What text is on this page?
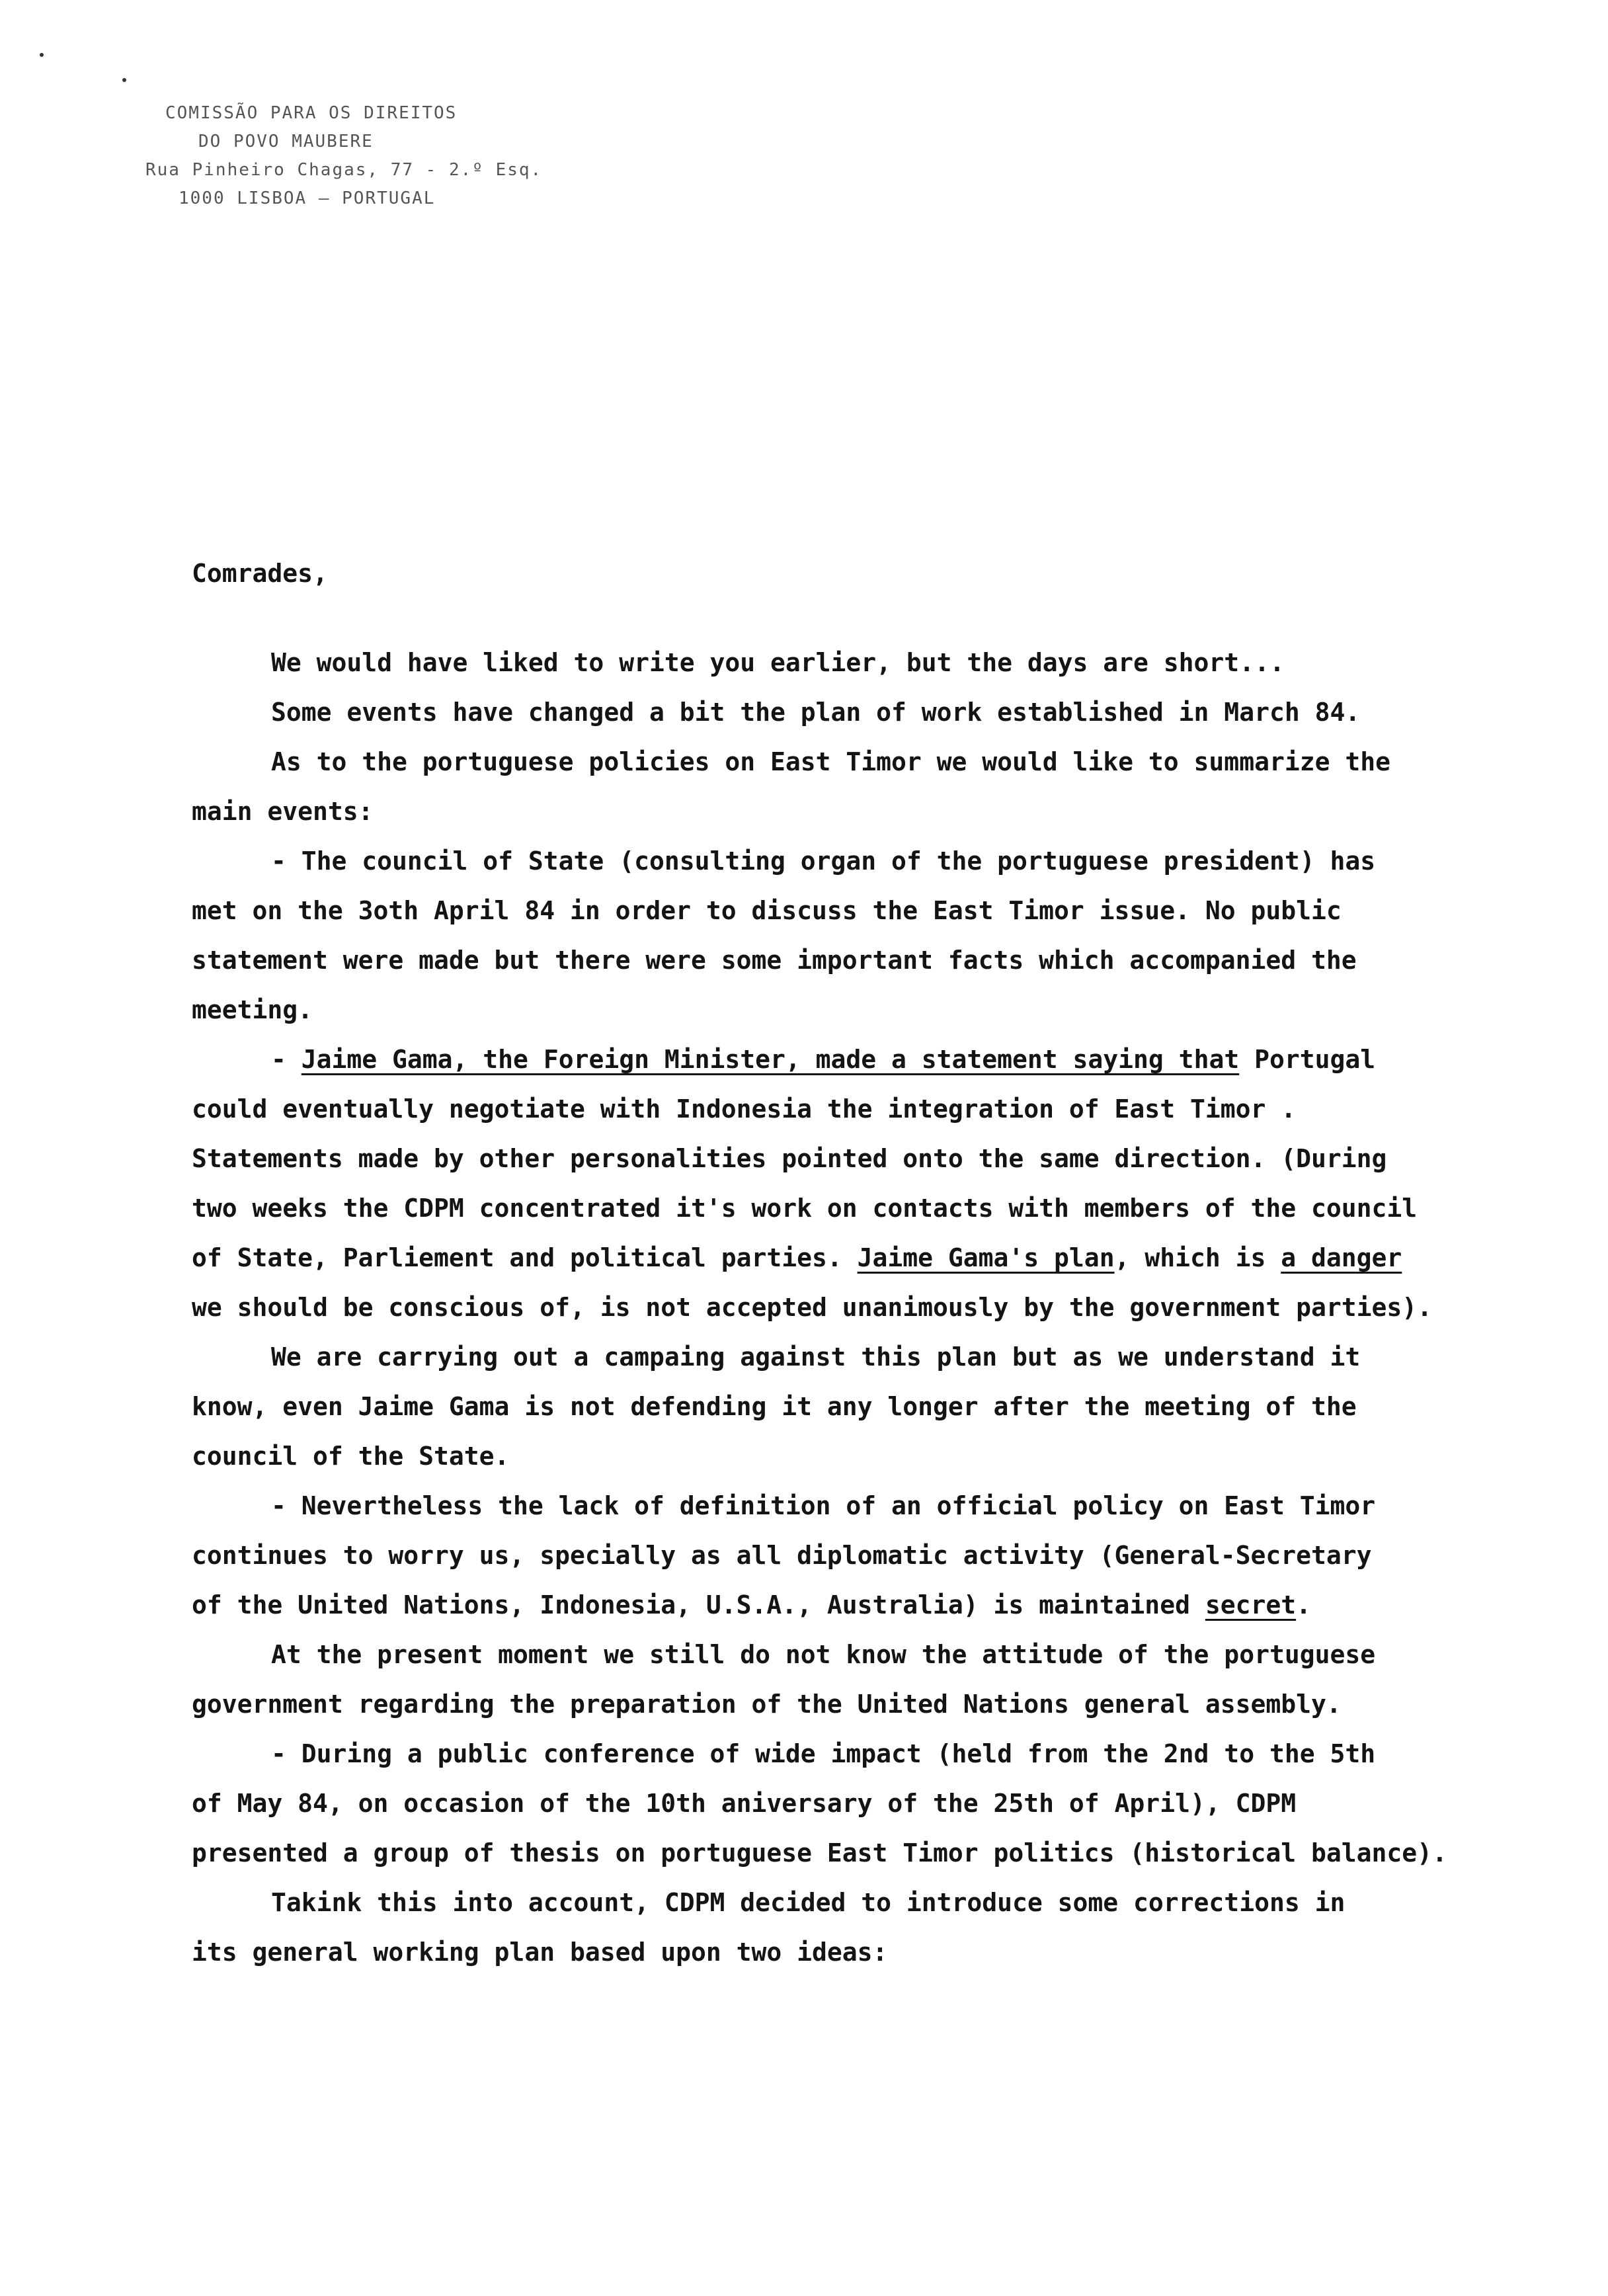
COMISSÃO PARA OS DIREITOS
DO POVO MAUBERE
Rua Pinheiro Chagas, 77 - 2.º Esq.
1000 LISBOA — PORTUGAL
Comrades,
We would have liked to write you earlier, but the days are short...
Some events have changed a bit the plan of work established in March 84.
As to the portuguese policies on East Timor we would like to summarize the
main events:
- The council of State (consulting organ of the portuguese president) has
met on the 3oth April 84 in order to discuss the East Timor issue. No public
statement were made but there were some important facts which accompanied the
meeting.
- Jaime Gama, the Foreign Minister, made a statement saying that Portugal
could eventually negotiate with Indonesia the integration of East Timor .
Statements made by other personalities pointed onto the same direction. (During
two weeks the CDPM concentrated it's work on contacts with members of the council
of State, Parliement and political parties. Jaime Gama's plan, which is a danger
we should be conscious of, is not accepted unanimously by the government parties).
We are carrying out a campaing against this plan but as we understand it
know, even Jaime Gama is not defending it any longer after the meeting of the
council of the State.
- Nevertheless the lack of definition of an official policy on East Timor
continues to worry us, specially as all diplomatic activity (General-Secretary
of the United Nations, Indonesia, U.S.A., Australia) is maintained secret.
At the present moment we still do not know the attitude of the portuguese
government regarding the preparation of the United Nations general assembly.
- During a public conference of wide impact (held from the 2nd to the 5th
of May 84, on occasion of the 10th aniversary of the 25th of April), CDPM
presented a group of thesis on portuguese East Timor politics (historical balance).
Takink this into account, CDPM decided to introduce some corrections in
its general working plan based upon two ideas:
